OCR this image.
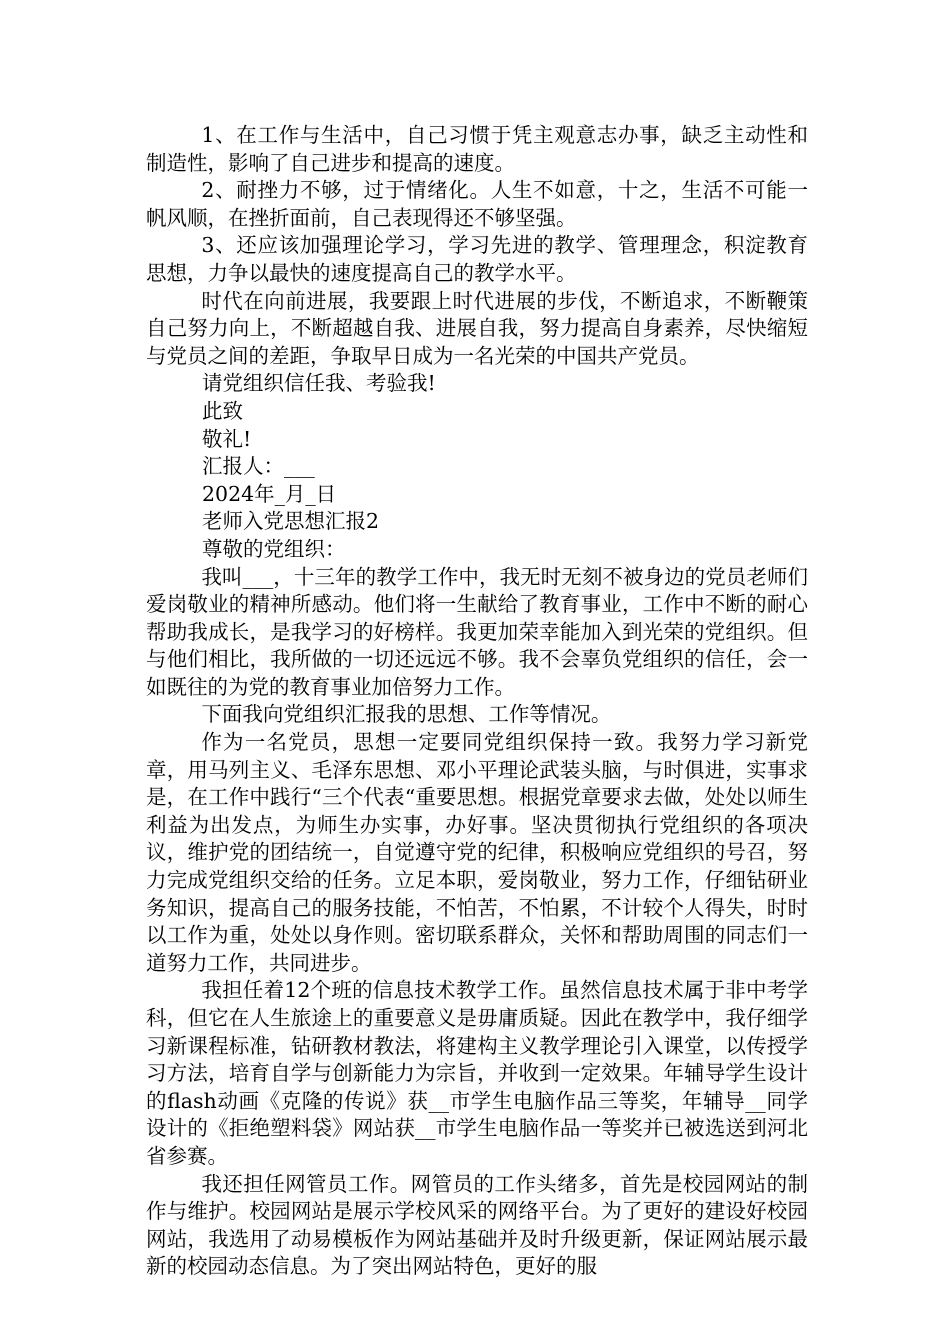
1、在工作与生活中，自己习惯于凭主观意志办事，缺乏主动性和制造性，影响了自己进步和提高的速度。

2、耐挫力不够，过于情绪化。人生不如意，十之，生活不可能一帆风顺，在挫折面前，自己表现得还不够坚强。

3、还应该加强理论学习，学习先进的教学、管理理念，积淀教育思想，力争以最快的速度提高自己的教学水平。

时代在向前进展，我要跟上时代进展的步伐，不断追求，不断鞭策自己努力向上，不断超越自我、进展自我，努力提高自身素养，尽快缩短与党员之间的差距，争取早日成为一名光荣的中国共产党员。

请党组织信任我、考验我!

此致

敬礼!

汇报人：___

2024年_月_日

老师入党思想汇报2

尊敬的党组织：

我叫___，十三年的教学工作中，我无时无刻不被身边的党员老师们爱岗敬业的精神所感动。他们将一生献给了教育事业，工作中不断的耐心帮助我成长，是我学习的好榜样。我更加荣幸能加入到光荣的党组织。但与他们相比，我所做的一切还远远不够。我不会辜负党组织的信任，会一如既往的为党的教育事业加倍努力工作。

下面我向党组织汇报我的思想、工作等情况。

作为一名党员，思想一定要同党组织保持一致。我努力学习新党章，用马列主义、毛泽东思想、邓小平理论武装头脑，与时俱进，实事求是，在工作中践行“三个代表“重要思想。根据党章要求去做，处处以师生利益为出发点，为师生办实事，办好事。坚决贯彻执行党组织的各项决议，维护党的团结统一，自觉遵守党的纪律，积极响应党组织的号召，努力完成党组织交给的任务。立足本职，爱岗敬业，努力工作，仔细钻研业务知识，提高自己的服务技能，不怕苦，不怕累，不计较个人得失，时时以工作为重，处处以身作则。密切联系群众，关怀和帮助周围的同志们一道努力工作，共同进步。

我担任着12个班的信息技术教学工作。虽然信息技术属于非中考学科，但它在人生旅途上的重要意义是毋庸质疑。因此在教学中，我仔细学习新课程标准，钻研教材教法，将建构主义教学理论引入课堂，以传授学习方法，培育自学与创新能力为宗旨，并收到一定效果。年辅导学生设计的flash动画《克隆的传说》获__市学生电脑作品三等奖，年辅导__同学设计的《拒绝塑料袋》网站获__市学生电脑作品一等奖并已被选送到河北省参赛。

我还担任网管员工作。网管员的工作头绪多，首先是校园网站的制作与维护。校园网站是展示学校风采的网络平台。为了更好的建设好校园网站，我选用了动易模板作为网站基础并及时升级更新，保证网站展示最新的校园动态信息。为了突出网站特色，更好的服
